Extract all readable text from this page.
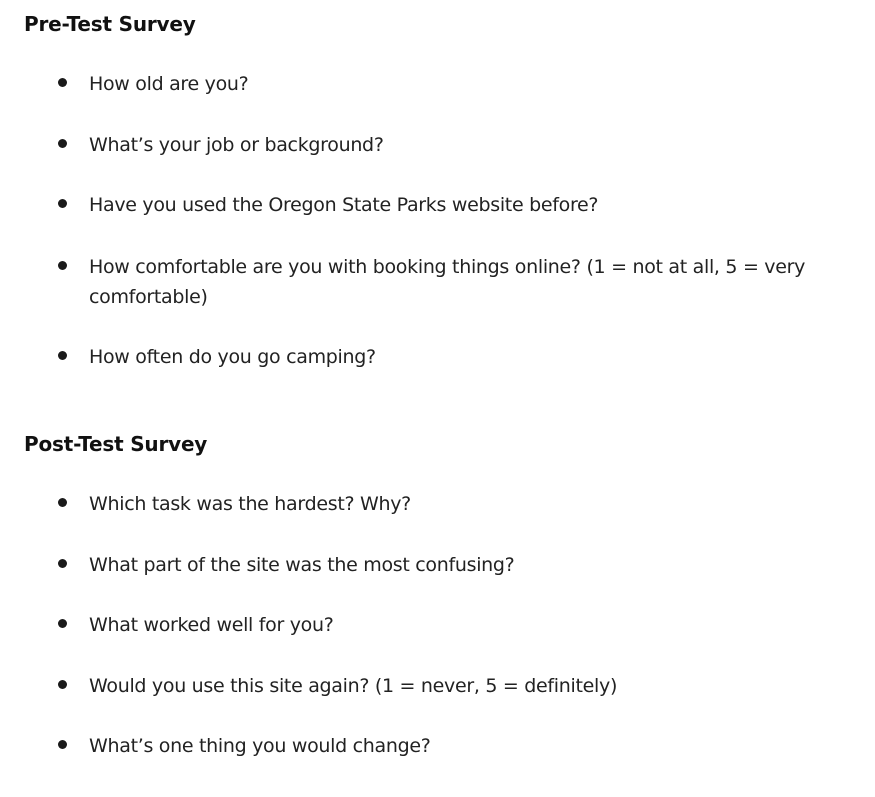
Pre-Test Survey
How old are you?
What’s your job or background?
Have you used the Oregon State Parks website before?
How comfortable are you with booking things online? (1 = not at all, 5 = very comfortable)
How often do you go camping?
Post-Test Survey
Which task was the hardest? Why?
What part of the site was the most confusing?
What worked well for you?
Would you use this site again? (1 = never, 5 = definitely)
What’s one thing you would change?
